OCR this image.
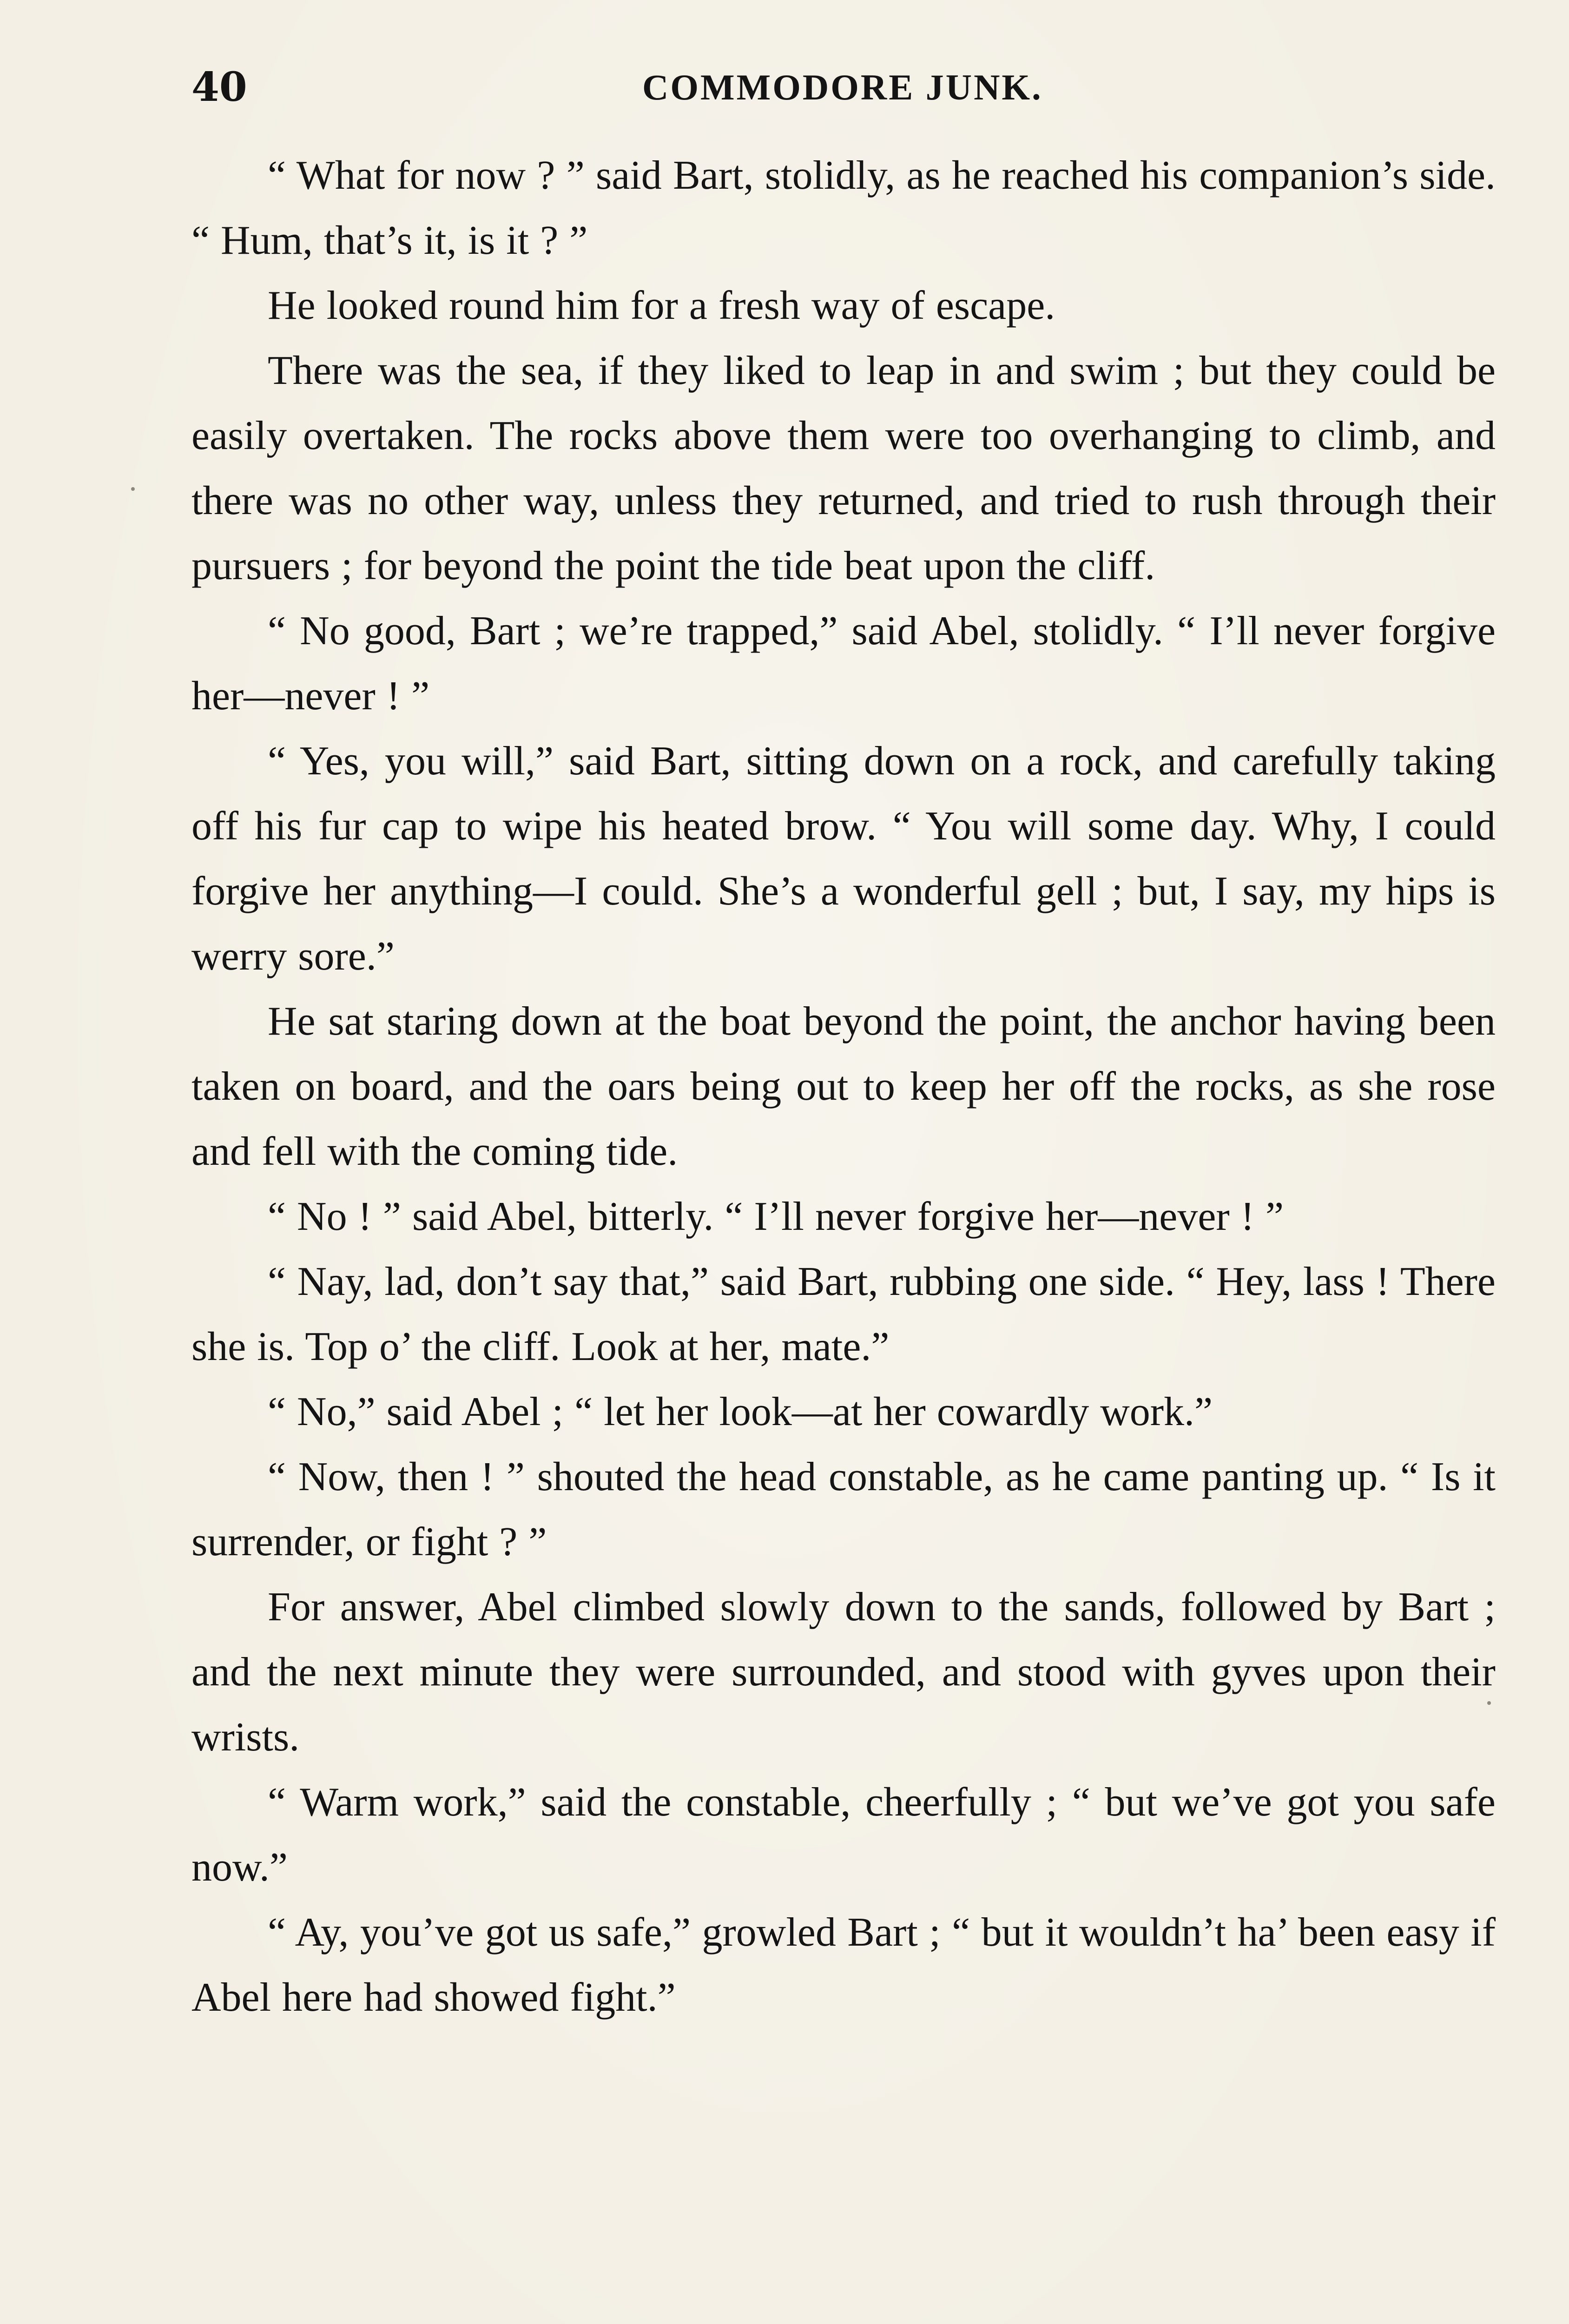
40	COMMODORE JUNK.

“ What for now ? ” said Bart, stolidly, as he reached his companion’s side. “ Hum, that’s it, is it ? ”

He looked round him for a fresh way of escape.

There was the sea, if they liked to leap in and swim ; but they could be easily overtaken. The rocks above them were too overhanging to climb, and there was no other way, unless they returned, and tried to rush through their pursuers ; for beyond the point the tide beat upon the cliff.

“ No good, Bart ; we’re trapped,” said Abel, stolidly. “ I’ll never forgive her—never ! ”

“ Yes, you will,” said Bart, sitting down on a rock, and carefully taking off his fur cap to wipe his heated brow. “ You will some day. Why, I could forgive her anything—I could. She’s a wonderful gell ; but, I say, my hips is werry sore.”

He sat staring down at the boat beyond the point, the anchor having been taken on board, and the oars being out to keep her off the rocks, as she rose and fell with the coming tide.

“ No ! ” said Abel, bitterly. “ I’ll never forgive her—never ! ”

“ Nay, lad, don’t say that,” said Bart, rubbing one side. “ Hey, lass ! There she is. Top o’ the cliff. Look at her, mate.”

“ No,” said Abel ; “ let her look—at her cowardly work.”

“ Now, then ! ” shouted the head constable, as he came panting up. “ Is it surrender, or fight ? ”

For answer, Abel climbed slowly down to the sands, followed by Bart ; and the next minute they were surrounded, and stood with gyves upon their wrists.

“ Warm work,” said the constable, cheerfully ; “ but we’ve got you safe now.”

“ Ay, you’ve got us safe,” growled Bart ; “ but it wouldn’t ha’ been easy if Abel here had showed fight.”
